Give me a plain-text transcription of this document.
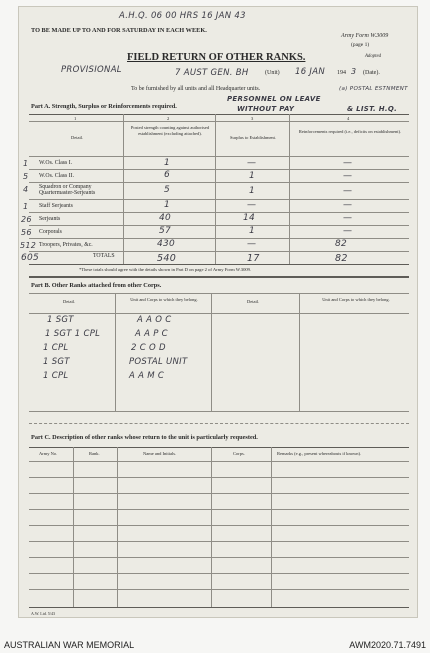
A.H.Q. 06 00 HRS 16 JAN 43
TO BE MADE UP TO AND FOR SATURDAY IN EACH WEEK.
Army Form W.3009
(page 1)
Adopted
FIELD RETURN OF OTHER RANKS.
PROVISIONAL	7 AUST GEN. BH	(Unit) 16 JAN 194 3 (Date).
To be furnished by all units and all Headquarter units.	(a) POSTAL ESTNMENT
PERSONNEL ON LEAVE
WITHOUT PAY	& LIST. H.Q.
Part A. Strength, Surplus or Reinforcements required.
1	2	3	4
Detail.
Posted strength counting against authorised establishment (excluding attached).
Surplus to Establishment.
Reinforcements required (i.e., deficits on establishment).
1 W.Os. Class I.	1	—	—
5 W.Os. Class II.	6	1	—
4 Squadron or Company Quartermaster-Serjeants	5	1	—
1 Staff Serjeants	1	—	—
26 Serjeants	40	14	—
56 Corporals	57	1	—
512 Troopers, Privates, &c.	430	—	82
TOTALS
605	540	17	82
*These totals should agree with the details shown in Part D on page 2 of Army Form W.3009.
Part B. Other Ranks attached from other Corps.
Detail.	Unit and Corps to which they belong.	Detail.	Unit and Corps to which they belong.
1 SGT	A A O C
1 SGT 1 CPL	A A P C
1 CPL	2 C O D
1 SGT	POSTAL UNIT
1 CPL	A A M C
Part C. Description of other ranks whose return to the unit is particularly requested.
Army No.	Rank.	Name and Initials.	Corps.	Remarks (e.g., present whereabouts if known).
A.W. Ltd. 5/43
AUSTRALIAN WAR MEMORIAL	AWM2020.71.7491
